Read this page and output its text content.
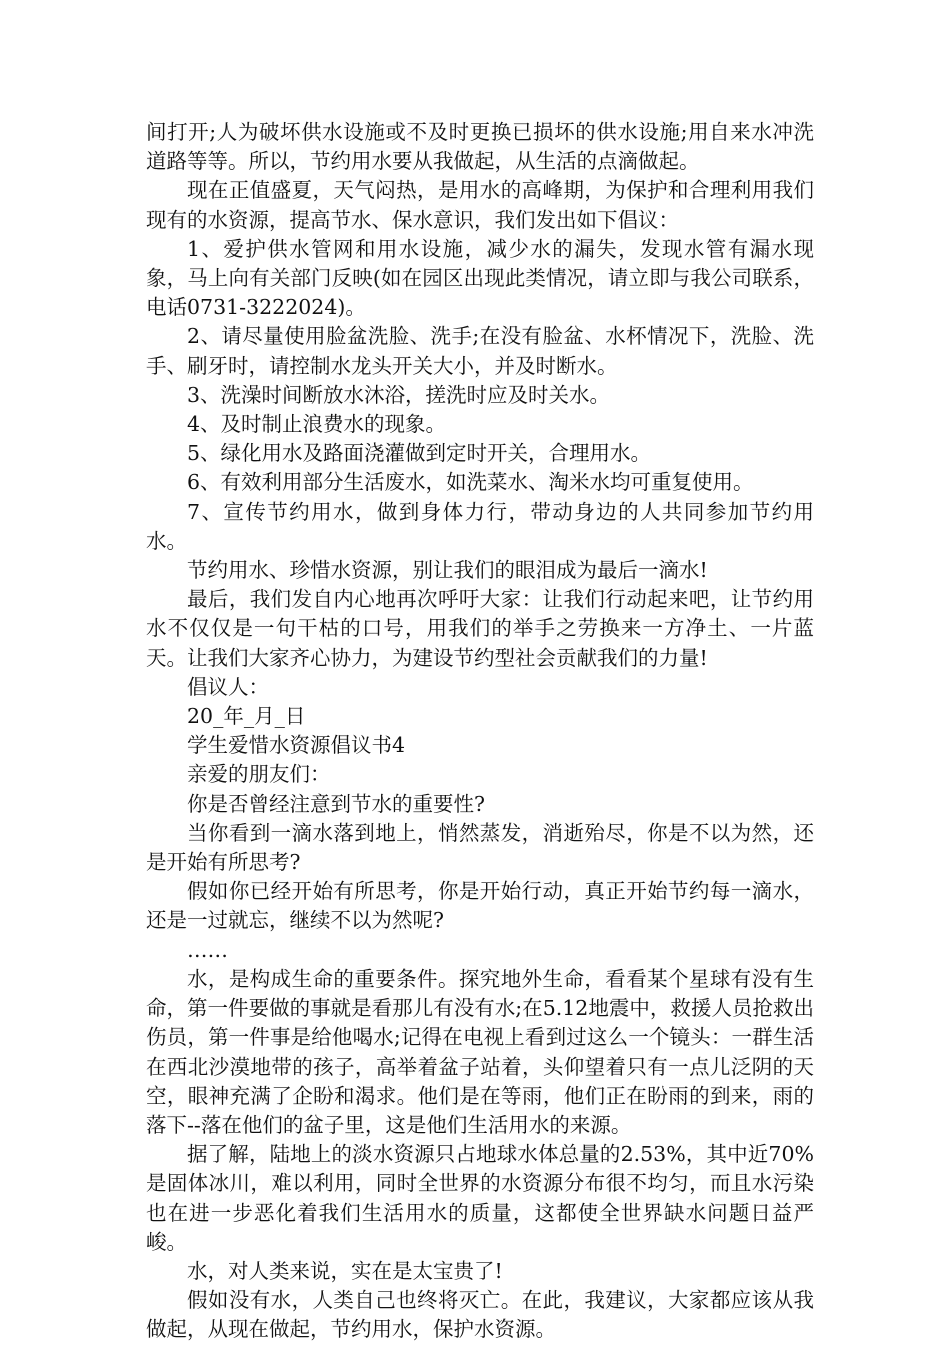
间打开;人为破坏供水设施或不及时更换已损坏的供水设施;用自来水冲洗道路等等。所以，节约用水要从我做起，从生活的点滴做起。

现在正值盛夏，天气闷热，是用水的高峰期，为保护和合理利用我们现有的水资源，提高节水、保水意识，我们发出如下倡议：

1、爱护供水管网和用水设施，减少水的漏失，发现水管有漏水现象，马上向有关部门反映(如在园区出现此类情况，请立即与我公司联系，电话0731-3222024)。

2、请尽量使用脸盆洗脸、洗手;在没有脸盆、水杯情况下，洗脸、洗手、刷牙时，请控制水龙头开关大小，并及时断水。

3、洗澡时间断放水沐浴，搓洗时应及时关水。

4、及时制止浪费水的现象。

5、绿化用水及路面浇灌做到定时开关，合理用水。

6、有效利用部分生活废水，如洗菜水、淘米水均可重复使用。

7、宣传节约用水，做到身体力行，带动身边的人共同参加节约用水。

节约用水、珍惜水资源，别让我们的眼泪成为最后一滴水!

最后，我们发自内心地再次呼吁大家：让我们行动起来吧，让节约用水不仅仅是一句干枯的口号，用我们的举手之劳换来一方净土、一片蓝天。让我们大家齐心协力，为建设节约型社会贡献我们的力量!

倡议人：

20_年_月_日

学生爱惜水资源倡议书4

亲爱的朋友们：

你是否曾经注意到节水的重要性?

当你看到一滴水落到地上，悄然蒸发，消逝殆尽，你是不以为然，还是开始有所思考?

假如你已经开始有所思考，你是开始行动，真正开始节约每一滴水，还是一过就忘，继续不以为然呢?

……

水，是构成生命的重要条件。探究地外生命，看看某个星球有没有生命，第一件要做的事就是看那儿有没有水;在5.12地震中，救援人员抢救出伤员，第一件事是给他喝水;记得在电视上看到过这么一个镜头：一群生活在西北沙漠地带的孩子，高举着盆子站着，头仰望着只有一点儿泛阴的天空，眼神充满了企盼和渴求。他们是在等雨，他们正在盼雨的到来，雨的落下--落在他们的盆子里，这是他们生活用水的来源。

据了解，陆地上的淡水资源只占地球水体总量的2.53%，其中近70%是固体冰川，难以利用，同时全世界的水资源分布很不均匀，而且水污染也在进一步恶化着我们生活用水的质量，这都使全世界缺水问题日益严峻。

水，对人类来说，实在是太宝贵了!

假如没有水，人类自己也终将灭亡。在此，我建议，大家都应该从我做起，从现在做起，节约用水，保护水资源。
